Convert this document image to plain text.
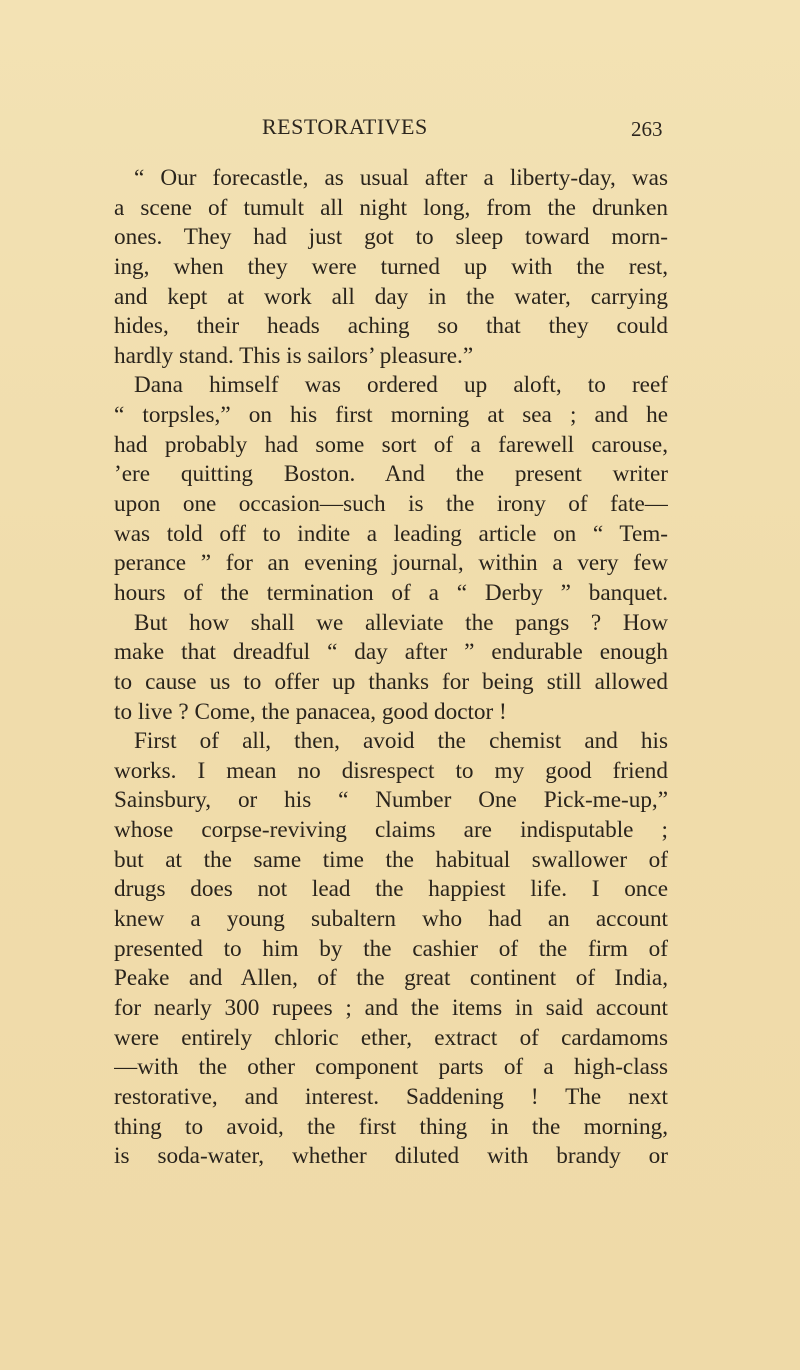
RESTORATIVES	263
“ Our forecastle, as usual after a liberty-day, was
a scene of tumult all night long, from the drunken
ones. They had just got to sleep toward morn-
ing, when they were turned up with the rest,
and kept at work all day in the water, carrying
hides, their heads aching so that they could
hardly stand. This is sailors’ pleasure.”
Dana himself was ordered up aloft, to reef
“ torpsles,” on his first morning at sea ; and he
had probably had some sort of a farewell carouse,
’ere quitting Boston. And the present writer
upon one occasion—such is the irony of fate—
was told off to indite a leading article on “ Tem-
perance ” for an evening journal, within a very few
hours of the termination of a “ Derby ” banquet.
But how shall we alleviate the pangs ? How
make that dreadful “ day after ” endurable enough
to cause us to offer up thanks for being still allowed
to live ? Come, the panacea, good doctor !
First of all, then, avoid the chemist and his
works. I mean no disrespect to my good friend
Sainsbury, or his “ Number One Pick-me-up,”
whose corpse-reviving claims are indisputable ;
but at the same time the habitual swallower of
drugs does not lead the happiest life. I once
knew a young subaltern who had an account
presented to him by the cashier of the firm of
Peake and Allen, of the great continent of India,
for nearly 300 rupees ; and the items in said account
were entirely chloric ether, extract of cardamoms
—with the other component parts of a high-class
restorative, and interest. Saddening ! The next
thing to avoid, the first thing in the morning,
is soda-water, whether diluted with brandy or
